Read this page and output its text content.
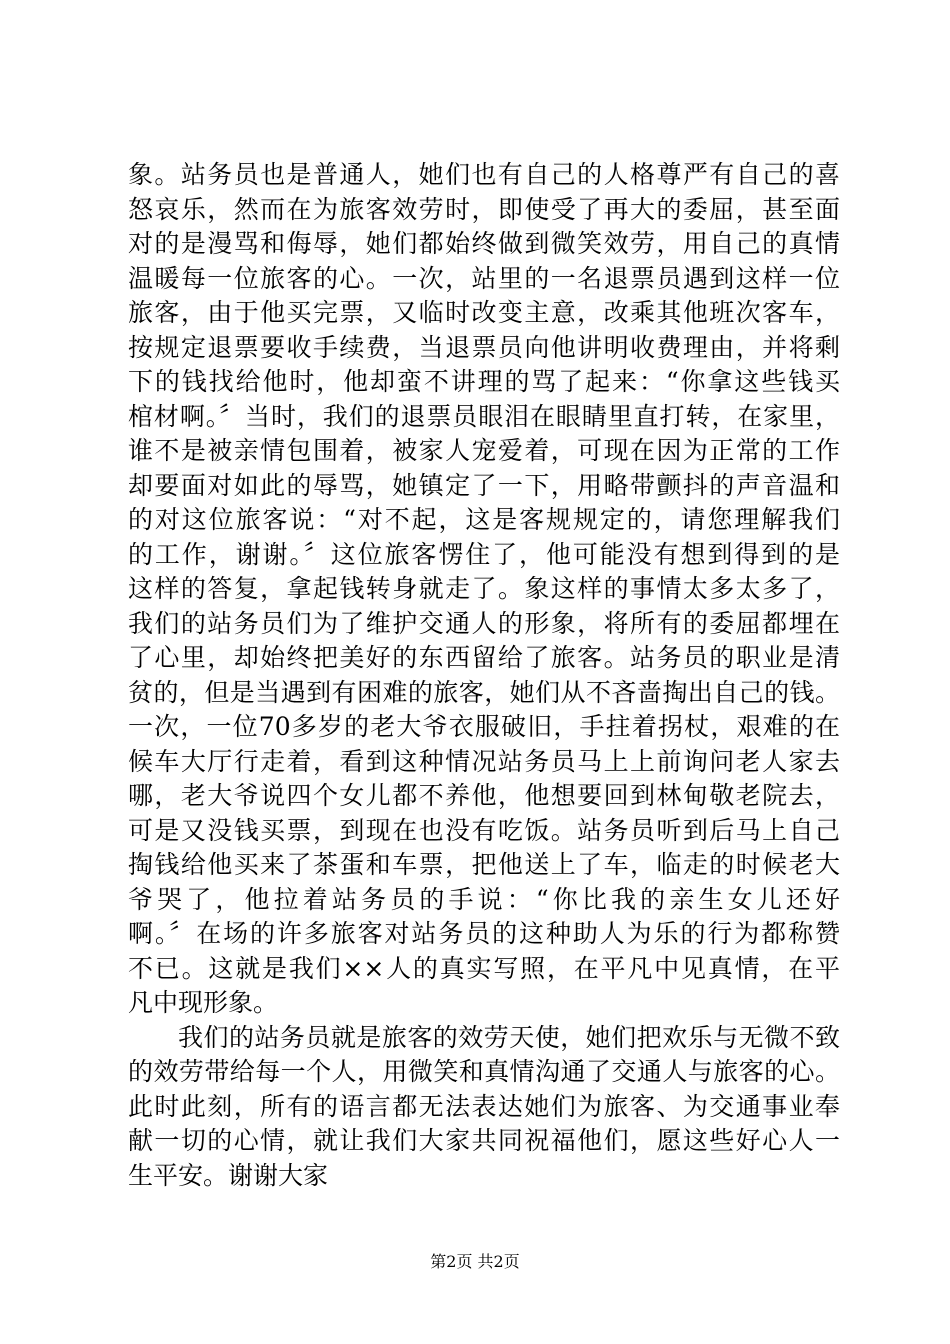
象。站务员也是普通人，她们也有自己的人格尊严有自己的喜
怒哀乐，然而在为旅客效劳时，即使受了再大的委屈，甚至面
对的是漫骂和侮辱，她们都始终做到微笑效劳，用自己的真情
温暖每一位旅客的心。一次，站里的一名退票员遇到这样一位
旅客，由于他买完票，又临时改变主意，改乘其他班次客车，
按规定退票要收手续费，当退票员向他讲明收费理由，并将剩
下的钱找给他时，他却蛮不讲理的骂了起来：“你拿这些钱买
棺材啊。〞当时，我们的退票员眼泪在眼睛里直打转，在家里，
谁不是被亲情包围着，被家人宠爱着，可现在因为正常的工作
却要面对如此的辱骂，她镇定了一下，用略带颤抖的声音温和
的对这位旅客说：“对不起，这是客规规定的，请您理解我们
的工作，谢谢。〞这位旅客愣住了，他可能没有想到得到的是
这样的答复，拿起钱转身就走了。象这样的事情太多太多了，
我们的站务员们为了维护交通人的形象，将所有的委屈都埋在
了心里，却始终把美好的东西留给了旅客。站务员的职业是清
贫的，但是当遇到有困难的旅客，她们从不吝啬掏出自己的钱。
一次，一位70多岁的老大爷衣服破旧，手拄着拐杖，艰难的在
候车大厅行走着，看到这种情况站务员马上上前询问老人家去
哪，老大爷说四个女儿都不养他，他想要回到林甸敬老院去，
可是又没钱买票，到现在也没有吃饭。站务员听到后马上自己
掏钱给他买来了茶蛋和车票，把他送上了车，临走的时候老大
爷哭了，他拉着站务员的手说：“你比我的亲生女儿还好
啊。〞在场的许多旅客对站务员的这种助人为乐的行为都称赞
不已。这就是我们××人的真实写照，在平凡中见真情，在平
凡中现形象。
我们的站务员就是旅客的效劳天使，她们把欢乐与无微不致
的效劳带给每一个人，用微笑和真情沟通了交通人与旅客的心。
此时此刻，所有的语言都无法表达她们为旅客、为交通事业奉
献一切的心情，就让我们大家共同祝福他们，愿这些好心人一
生平安。谢谢大家
第2页 共2页
